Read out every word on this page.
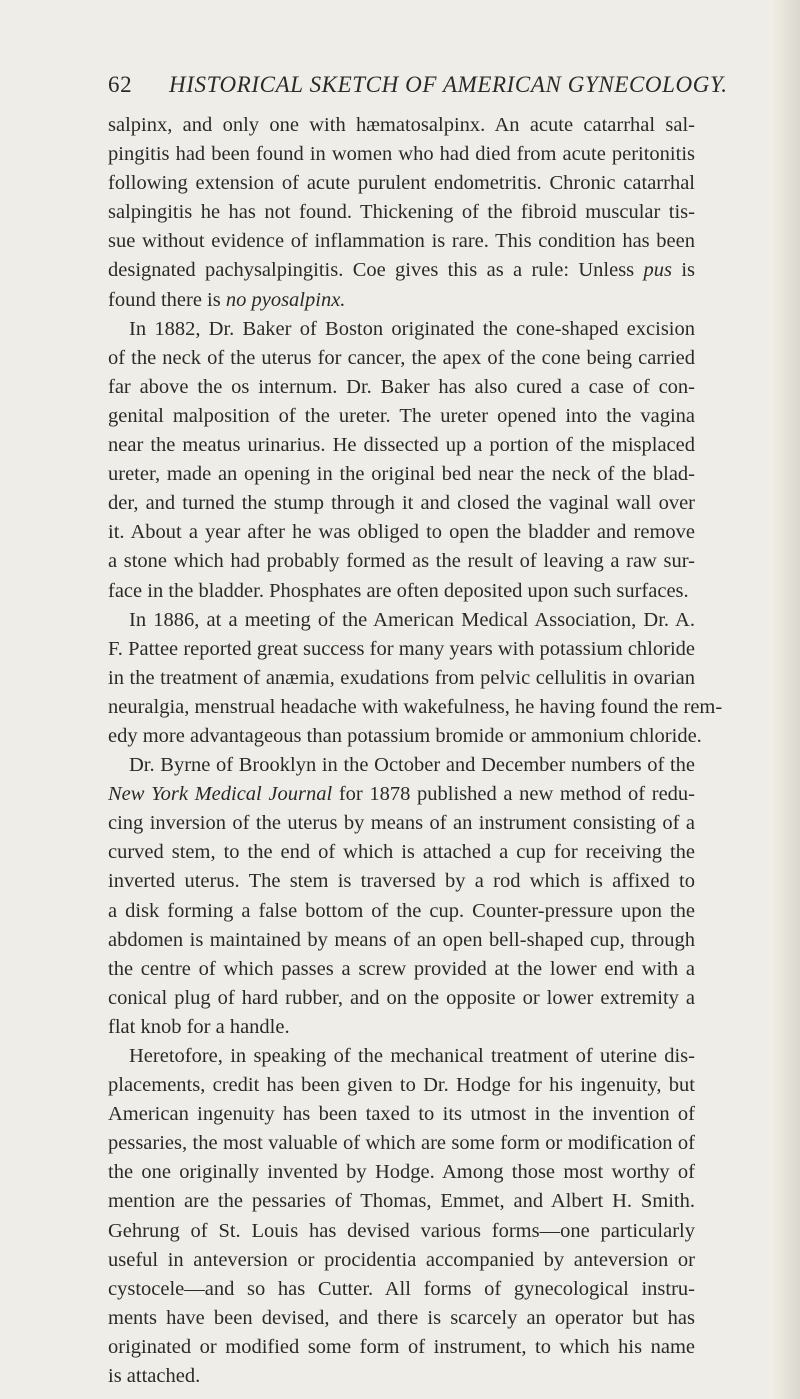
62 HISTORICAL SKETCH OF AMERICAN GYNECOLOGY.
salpinx, and only one with hæmatosalpinx. An acute catarrhal sal-
pingitis had been found in women who had died from acute peritonitis
following extension of acute purulent endometritis. Chronic catarrhal
salpingitis he has not found. Thickening of the fibroid muscular tis-
sue without evidence of inflammation is rare. This condition has been
designated pachysalpingitis. Coe gives this as a rule: Unless pus is
found there is no pyosalpinx.
In 1882, Dr. Baker of Boston originated the cone-shaped excision
of the neck of the uterus for cancer, the apex of the cone being carried
far above the os internum. Dr. Baker has also cured a case of con-
genital malposition of the ureter. The ureter opened into the vagina
near the meatus urinarius. He dissected up a portion of the misplaced
ureter, made an opening in the original bed near the neck of the blad-
der, and turned the stump through it and closed the vaginal wall over
it. About a year after he was obliged to open the bladder and remove
a stone which had probably formed as the result of leaving a raw sur-
face in the bladder. Phosphates are often deposited upon such surfaces.
In 1886, at a meeting of the American Medical Association, Dr. A.
F. Pattee reported great success for many years with potassium chloride
in the treatment of anæmia, exudations from pelvic cellulitis in ovarian
neuralgia, menstrual headache with wakefulness, he having found the rem-
edy more advantageous than potassium bromide or ammonium chloride.
Dr. Byrne of Brooklyn in the October and December numbers of the
New York Medical Journal for 1878 published a new method of redu-
cing inversion of the uterus by means of an instrument consisting of a
curved stem, to the end of which is attached a cup for receiving the
inverted uterus. The stem is traversed by a rod which is affixed to
a disk forming a false bottom of the cup. Counter-pressure upon the
abdomen is maintained by means of an open bell-shaped cup, through
the centre of which passes a screw provided at the lower end with a
conical plug of hard rubber, and on the opposite or lower extremity a
flat knob for a handle.
Heretofore, in speaking of the mechanical treatment of uterine dis-
placements, credit has been given to Dr. Hodge for his ingenuity, but
American ingenuity has been taxed to its utmost in the invention of
pessaries, the most valuable of which are some form or modification of
the one originally invented by Hodge. Among those most worthy of
mention are the pessaries of Thomas, Emmet, and Albert H. Smith.
Gehrung of St. Louis has devised various forms—one particularly
useful in anteversion or procidentia accompanied by anteversion or
cystocele—and so has Cutter. All forms of gynecological instru-
ments have been devised, and there is scarcely an operator but has
originated or modified some form of instrument, to which his name
is attached.
